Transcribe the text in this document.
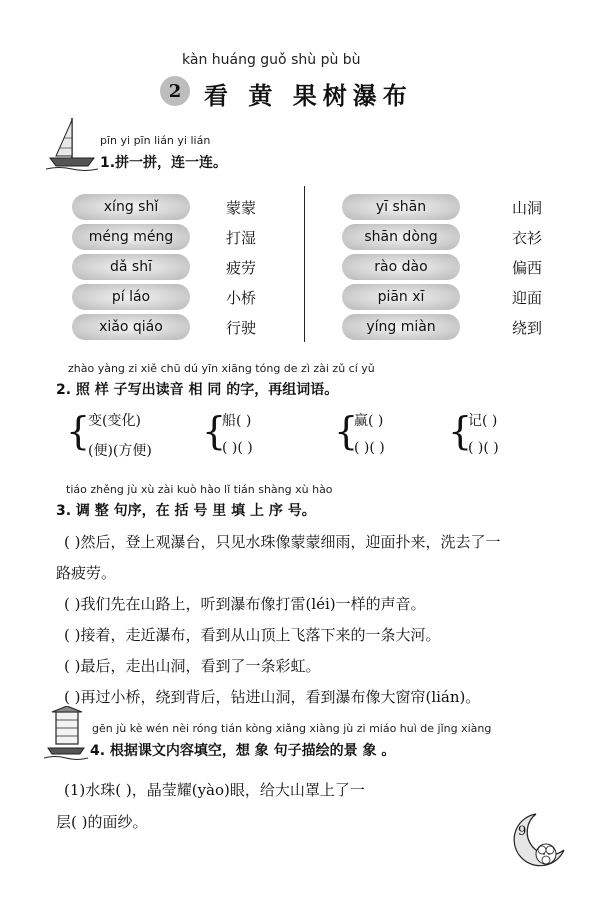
kàn huáng guǒ shù pù bù
2 看 黄 果树瀑布
pīn yi pīn lián yi lián
1.拼一拼，连一连。
xíng shǐ
méng méng
dǎ shī
pí láo
xiǎo qiáo
蒙蒙
打湿
疲劳
小桥
行驶
yī shān
shān dòng
rào dào
piān xī
yíng miàn
山洞
衣衫
偏西
迎面
绕到
zhào yàng zi xiě chū dú yīn xiāng tóng de zì zài zǔ cí yǔ
2. 照 样 子写出读音 相 同 的字，再组词语。
{
变(变化)
(便)(方便) {
船( )
( )( ) {
赢( )
( )( ) {
记( )
( )( )
tiáo zhěng jù xù zài kuò hào lǐ tián shàng xù hào
3. 调 整 句序，在 括 号 里 填 上 序 号。
( )然后，登上观瀑台，只见水珠像蒙蒙细雨，迎面扑来，洗去了一
路疲劳。
( )我们先在山路上，听到瀑布像打雷(léi)一样的声音。
( )接着，走近瀑布，看到从山顶上飞落下来的一条大河。
( )最后，走出山洞，看到了一条彩虹。
( )再过小桥，绕到背后，钻进山洞，看到瀑布像大窗帘(lián)。
gēn jù kè wén nèi róng tián kòng xiǎng xiàng jù zi miáo huì de jǐng xiàng
4. 根据课文内容填空，想 象 句子描绘的景 象 。
(1)水珠( )，晶莹耀(yào)眼，给大山罩上了一
层( )的面纱。
9
